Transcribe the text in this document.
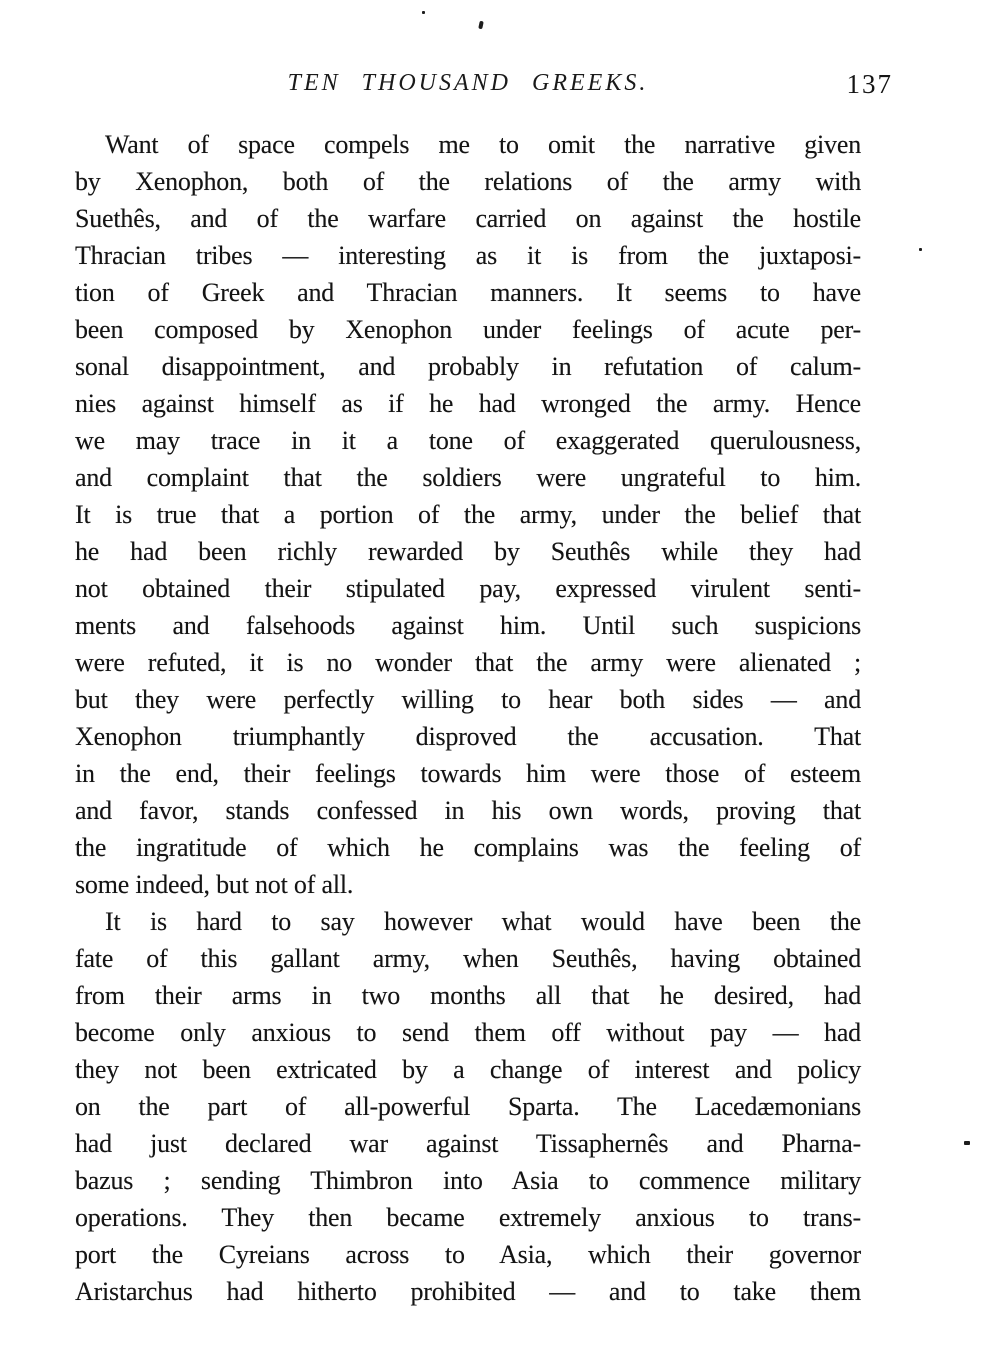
TEN THOUSAND GREEKS.	137
Want of space compels me to omit the narrative given
by Xenophon, both of the relations of the army with
Suethês, and of the warfare carried on against the hostile
Thracian tribes — interesting as it is from the juxtaposi-
tion of Greek and Thracian manners. It seems to have
been composed by Xenophon under feelings of acute per-
sonal disappointment, and probably in refutation of calum-
nies against himself as if he had wronged the army. Hence
we may trace in it a tone of exaggerated querulousness,
and complaint that the soldiers were ungrateful to him.
It is true that a portion of the army, under the belief that
he had been richly rewarded by Seuthês while they had
not obtained their stipulated pay, expressed virulent senti-
ments and falsehoods against him. Until such suspicions
were refuted, it is no wonder that the army were alienated ;
but they were perfectly willing to hear both sides — and
Xenophon triumphantly disproved the accusation. That
in the end, their feelings towards him were those of esteem
and favor, stands confessed in his own words, proving that
the ingratitude of which he complains was the feeling of
some indeed, but not of all.
It is hard to say however what would have been the
fate of this gallant army, when Seuthês, having obtained
from their arms in two months all that he desired, had
become only anxious to send them off without pay — had
they not been extricated by a change of interest and policy
on the part of all-powerful Sparta. The Lacedæmonians
had just declared war against Tissaphernês and Pharna-
bazus ; sending Thimbron into Asia to commence military
operations. They then became extremely anxious to trans-
port the Cyreians across to Asia, which their governor
Aristarchus had hitherto prohibited — and to take them
